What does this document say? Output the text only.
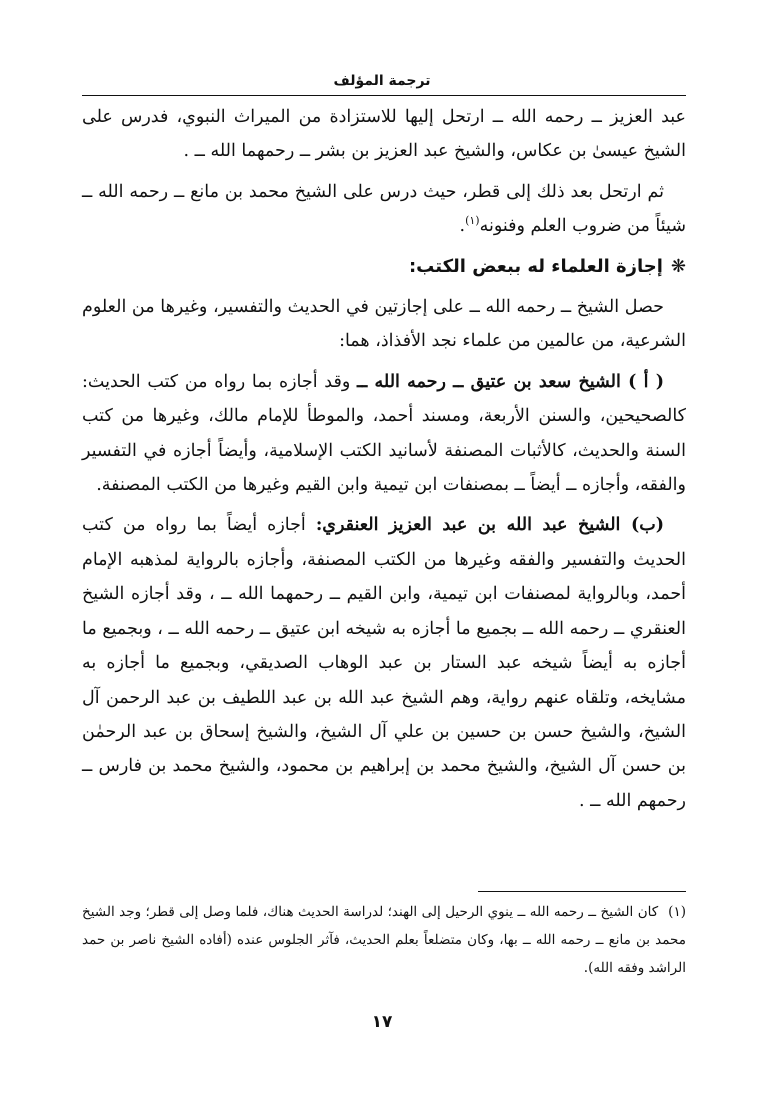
ترجمة المؤلف

عبد العزيز ــ رحمه الله ــ ارتحل إليها للاستزادة من الميراث النبوي، فدرس على الشيخ عيسىٰ بن عكاس، والشيخ عبد العزيز بن بشر ــ رحمهما الله ــ .

ثم ارتحل بعد ذلك إلى قطر، حيث درس على الشيخ محمد بن مانع ــ رحمه الله ــ شيئاً من ضروب العلم وفنونه$^{(١)}$.

❋إجازة العلماء له ببعض الكتب:

حصل الشيخ ــ رحمه الله ــ على إجازتين في الحديث والتفسير، وغيرها من العلوم الشرعية، من عالمين من علماء نجد الأفذاذ، هما:

( أ ) الشيخ سعد بن عتيق ــ رحمه الله ــ وقد أجازه بما رواه من كتب الحديث: كالصحيحين، والسنن الأربعة، ومسند أحمد، والموطأ للإمام مالك، وغيرها من كتب السنة والحديث، كالأثبات المصنفة لأسانيد الكتب الإسلامية، وأيضاً أجازه في التفسير والفقه، وأجازه ــ أيضاً ــ بمصنفات ابن تيمية وابن القيم وغيرها من الكتب المصنفة.

(ب) الشيخ عبد الله بن عبد العزيز العنقري: أجازه أيضاً بما رواه من كتب الحديث والتفسير والفقه وغيرها من الكتب المصنفة، وأجازه بالرواية لمذهبه الإمام أحمد، وبالرواية لمصنفات ابن تيمية، وابن القيم ــ رحمهما الله ــ ، وقد أجازه الشيخ العنقري ــ رحمه الله ــ بجميع ما أجازه به شيخه ابن عتيق ــ رحمه الله ــ ، وبجميع ما أجازه به أيضاً شيخه عبد الستار بن عبد الوهاب الصديقي، وبجميع ما أجازه به مشايخه، وتلقاه عنهم رواية، وهم الشيخ عبد الله بن عبد اللطيف بن عبد الرحمن آل الشيخ، والشيخ حسن بن حسين بن علي آل الشيخ، والشيخ إسحاق بن عبد الرحمٰن بن حسن آل الشيخ، والشيخ محمد بن إبراهيم بن محمود، والشيخ محمد بن فارس ــ رحمهم الله ــ .

(١)كان الشيخ ــ رحمه الله ــ ينوي الرحيل إلى الهند؛ لدراسة الحديث هناك، فلما وصل إلى قطر؛ وجد الشيخ محمد بن مانع ــ رحمه الله ــ بها، وكان متضلعاً بعلم الحديث، فآثر الجلوس عنده (أفاده الشيخ ناصر بن حمد الراشد وفقه الله).
١٧
